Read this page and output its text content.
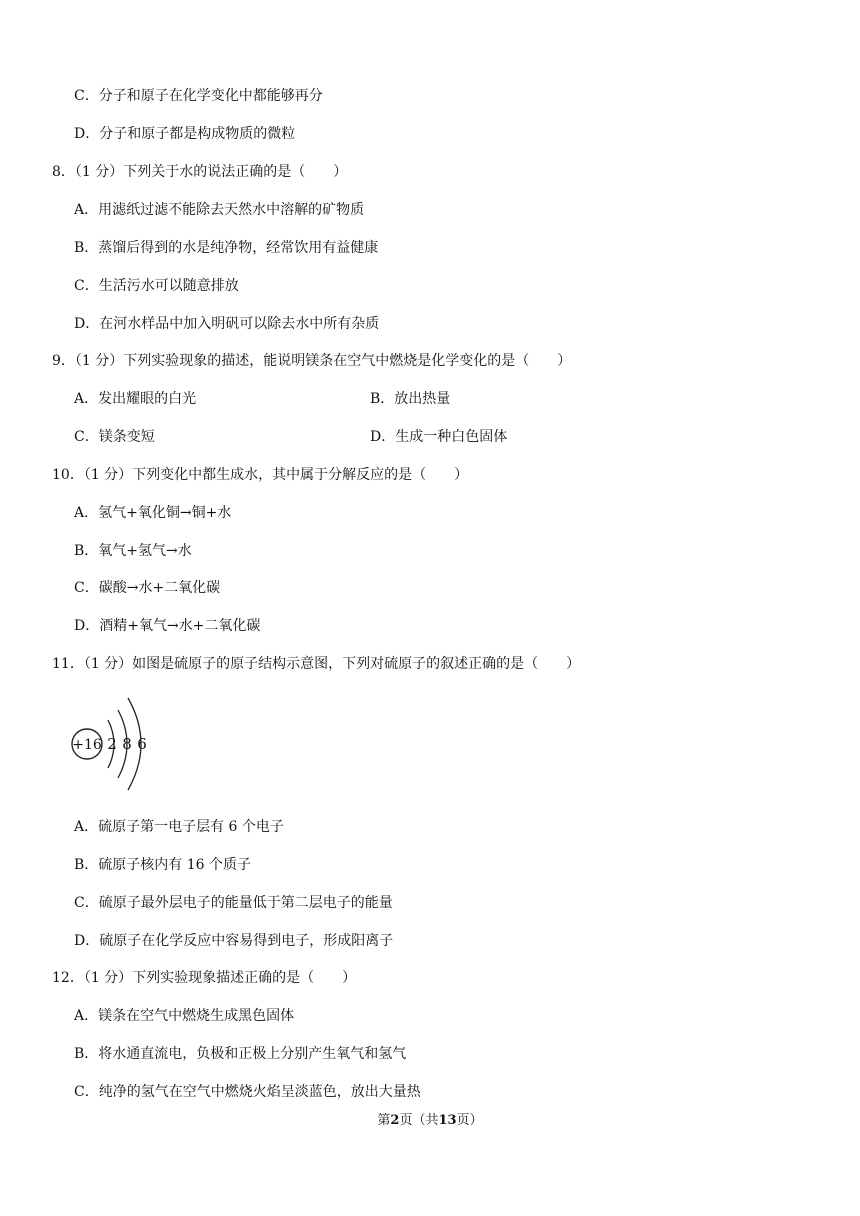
C．分子和原子在化学变化中都能够再分
D．分子和原子都是构成物质的微粒
8．（1 分）下列关于水的说法正确的是（　　）
A．用滤纸过滤不能除去天然水中溶解的矿物质
B．蒸馏后得到的水是纯净物，经常饮用有益健康
C．生活污水可以随意排放
D．在河水样品中加入明矾可以除去水中所有杂质
9．（1 分）下列实验现象的描述，能说明镁条在空气中燃烧是化学变化的是（　　）
A．发出耀眼的白光	B．放出热量
C．镁条变短	D．生成一种白色固体
10．（1 分）下列变化中都生成水，其中属于分解反应的是（　　）
A．氢气+氧化铜→铜+水
B．氧气+氢气→水
C．碳酸→水+二氧化碳
D．酒精+氧气→水+二氧化碳
11．（1 分）如图是硫原子的原子结构示意图，下列对硫原子的叙述正确的是（　　）
+16 2 8 6
A．硫原子第一电子层有 6 个电子
B．硫原子核内有 16 个质子
C．硫原子最外层电子的能量低于第二层电子的能量
D．硫原子在化学反应中容易得到电子，形成阳离子
12．（1 分）下列实验现象描述正确的是（　　）
A．镁条在空气中燃烧生成黑色固体
B．将水通直流电，负极和正极上分别产生氧气和氢气
C．纯净的氢气在空气中燃烧火焰呈淡蓝色，放出大量热
第2页（共13页）
